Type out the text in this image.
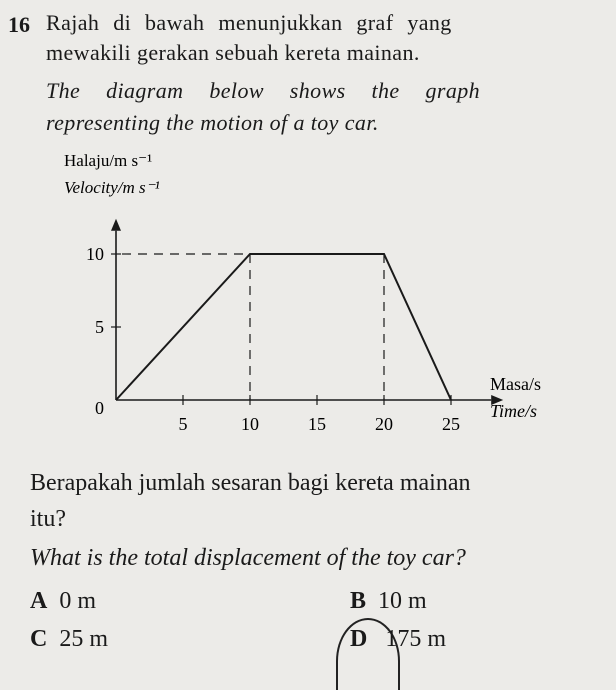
16 Rajah di bawah menunjukkan graf yang
mewakili gerakan sebuah kereta mainan.
The diagram below shows the graph
representing the motion of a toy car.
Halaju/m s⁻¹
Velocity/m s⁻¹
Masa/s
Time/s
5	10	15	20	25
0
5
10
Berapakah jumlah sesaran bagi kereta mainan
itu?
What is the total displacement of the toy car?
A 0 m	B 10 m
C 25 m	D 175 m
